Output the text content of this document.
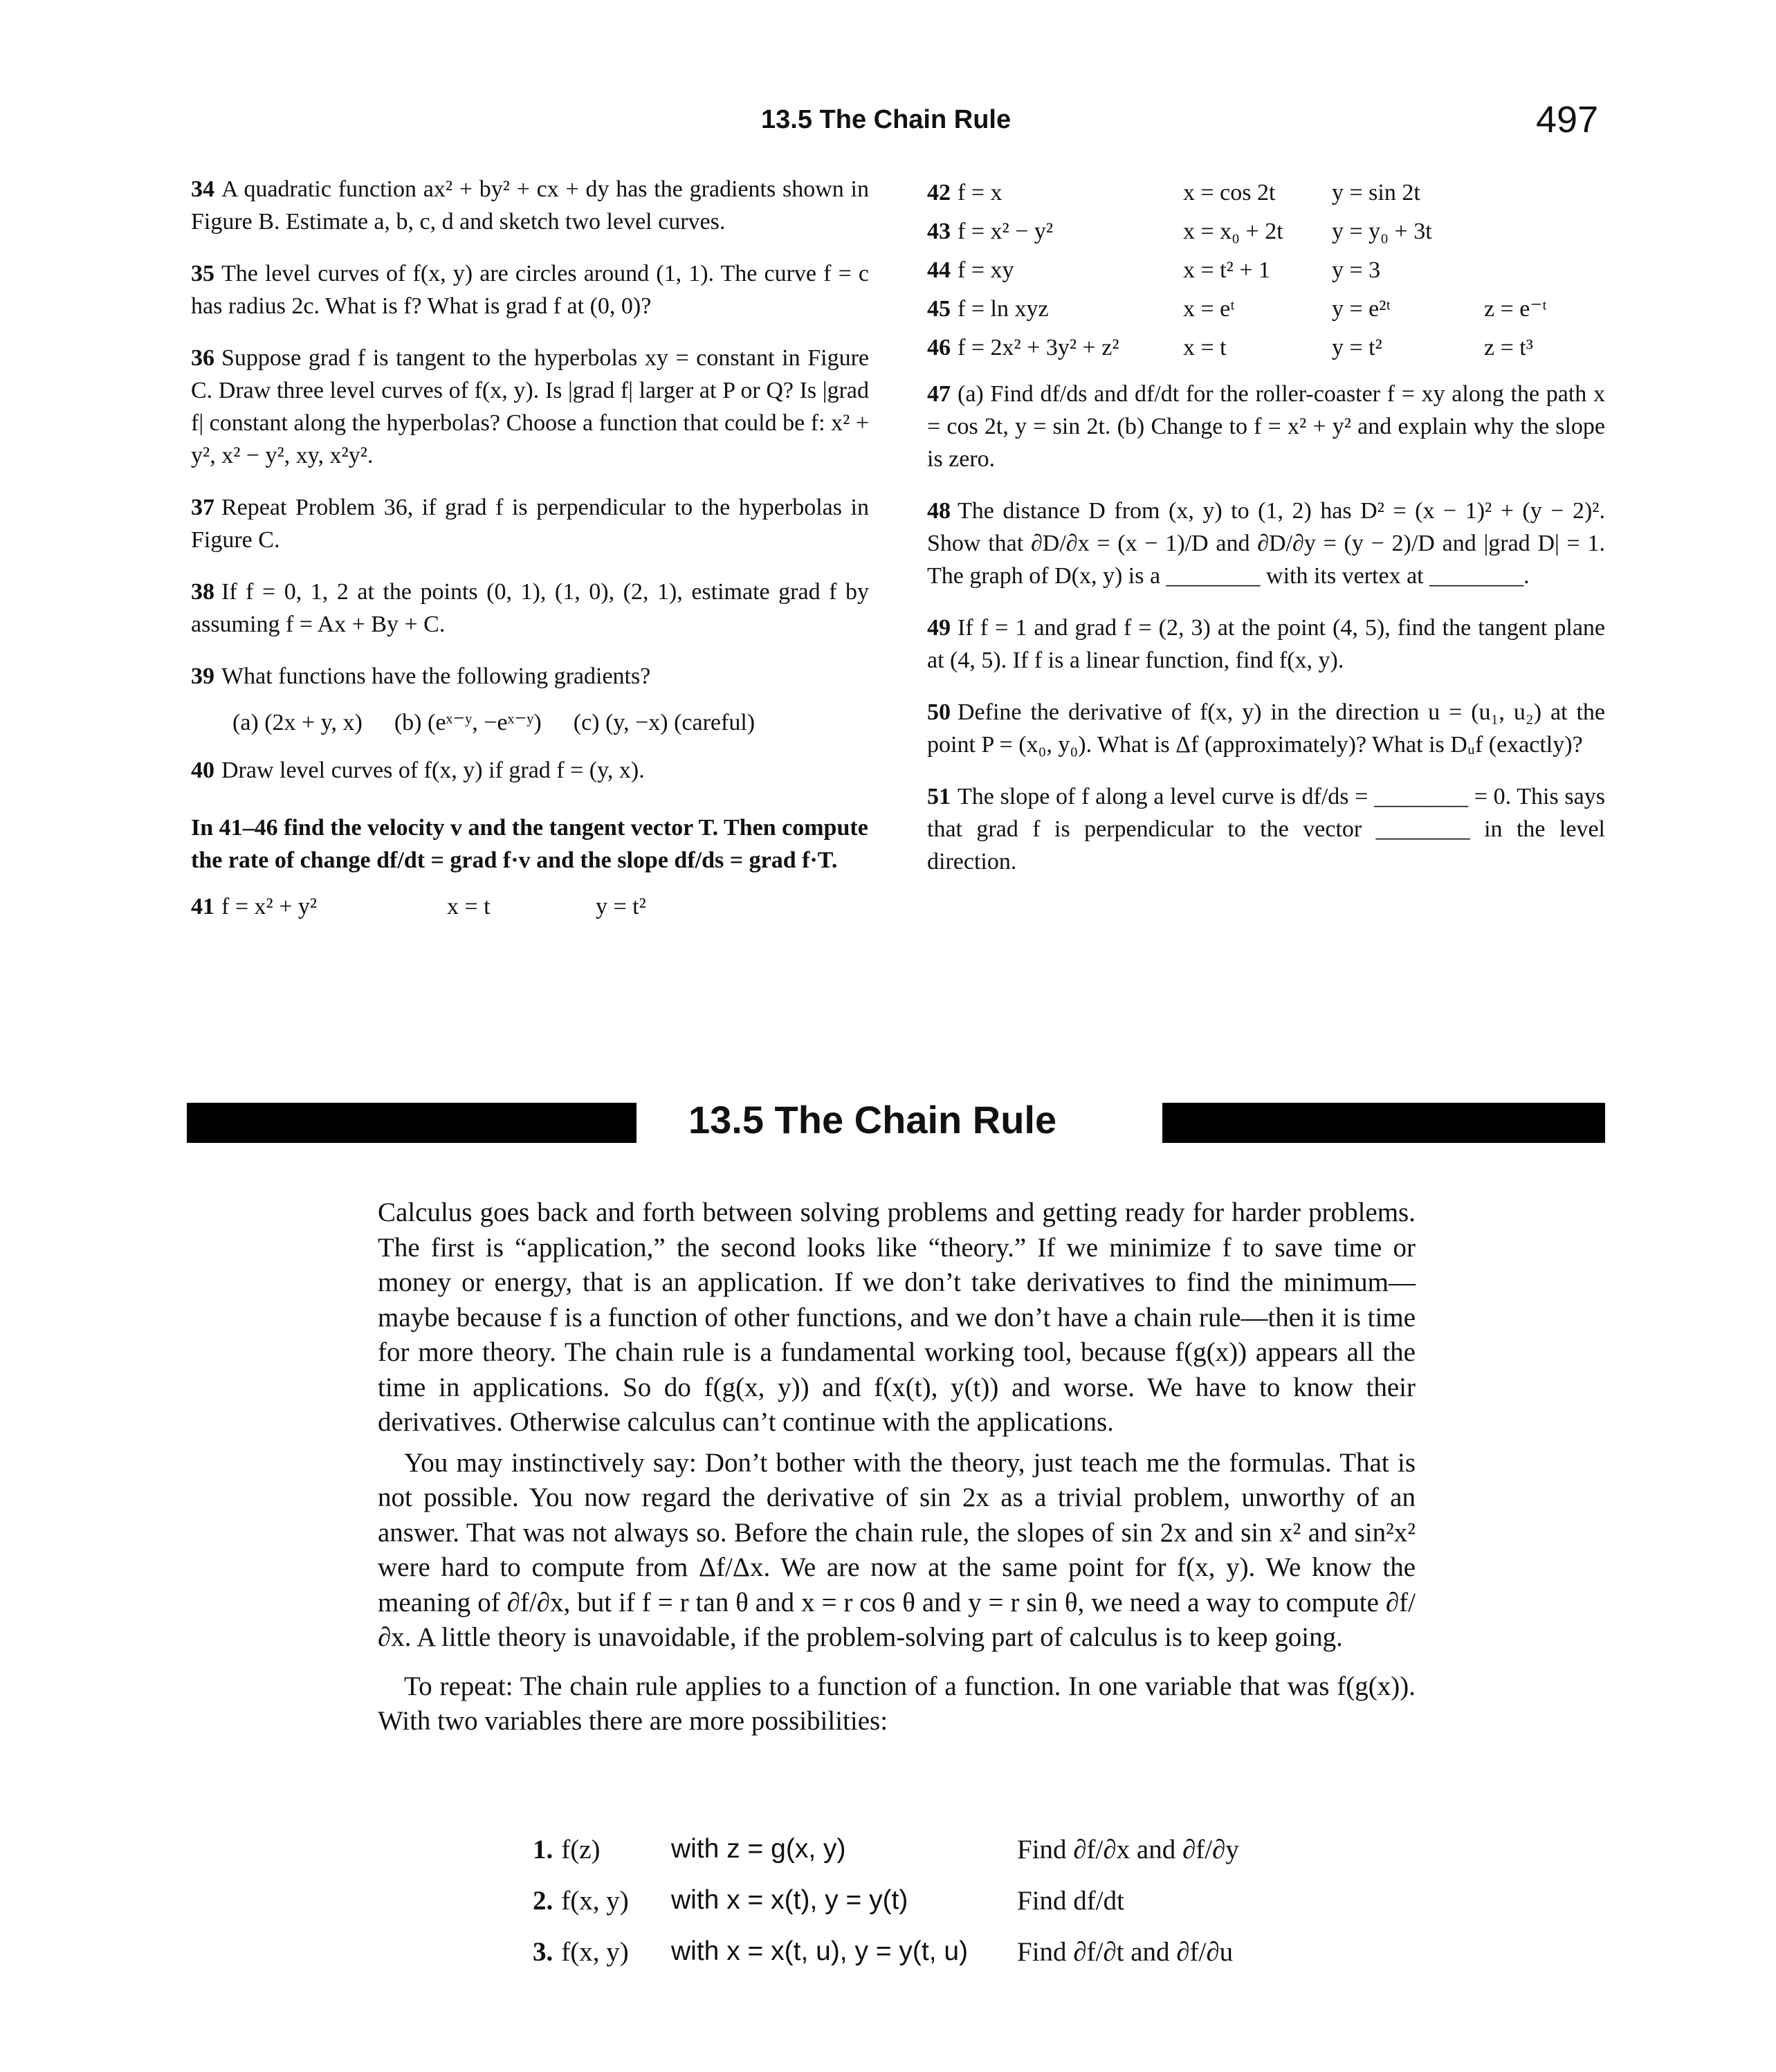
13.5 The Chain Rule	497

34 A quadratic function ax² + by² + cx + dy has the gradients shown in Figure B. Estimate a, b, c, d and sketch two level curves.

35 The level curves of f(x, y) are circles around (1, 1). The curve f = c has radius 2c. What is f? What is grad f at (0, 0)?

36 Suppose grad f is tangent to the hyperbolas xy = constant in Figure C. Draw three level curves of f(x, y). Is |grad f| larger at P or Q? Is |grad f| constant along the hyperbolas? Choose a function that could be f: x² + y², x² − y², xy, x²y².

37 Repeat Problem 36, if grad f is perpendicular to the hyperbolas in Figure C.

38 If f = 0, 1, 2 at the points (0, 1), (1, 0), (2, 1), estimate grad f by assuming f = Ax + By + C.

39 What functions have the following gradients?

(a) (2x + y, x) (b) (eˣ⁻ʸ, −eˣ⁻ʸ) (c) (y, −x) (careful)

40 Draw level curves of f(x, y) if grad f = (y, x).

In 41–46 find the velocity v and the tangent vector T. Then compute the rate of change df/dt = grad f·v and the slope df/ds = grad f·T.

41 f = x² + y²	x = t	y = t²
42 f = x	x = cos 2t	y = sin 2t
43 f = x² − y²	x = x₀ + 2t	y = y₀ + 3t
44 f = xy	x = t² + 1	y = 3
45 f = ln xyz	x = eᵗ	y = e²ᵗ	z = e⁻ᵗ
46 f = 2x² + 3y² + z²	x = t	y = t²	z = t³

47 (a) Find df/ds and df/dt for the roller-coaster f = xy along the path x = cos 2t, y = sin 2t. (b) Change to f = x² + y² and explain why the slope is zero.

48 The distance D from (x, y) to (1, 2) has D² = (x − 1)² + (y − 2)². Show that ∂D/∂x = (x − 1)/D and ∂D/∂y = (y − 2)/D and |grad D| = 1. The graph of D(x, y) is a ________ with its vertex at ________.

49 If f = 1 and grad f = (2, 3) at the point (4, 5), find the tangent plane at (4, 5). If f is a linear function, find f(x, y).

50 Define the derivative of f(x, y) in the direction u = (u₁, u₂) at the point P = (x₀, y₀). What is Δf (approximately)? What is Dᵤf (exactly)?

51 The slope of f along a level curve is df/ds = ________ = 0. This says that grad f is perpendicular to the vector ________ in the level direction.

13.5 The Chain Rule

Calculus goes back and forth between solving problems and getting ready for harder problems. The first is “application,” the second looks like “theory.” If we minimize f to save time or money or energy, that is an application. If we don’t take derivatives to find the minimum—maybe because f is a function of other functions, and we don’t have a chain rule—then it is time for more theory. The chain rule is a fundamental working tool, because f(g(x)) appears all the time in applications. So do f(g(x, y)) and f(x(t), y(t)) and worse. We have to know their derivatives. Otherwise calculus can’t continue with the applications.

You may instinctively say: Don’t bother with the theory, just teach me the formulas. That is not possible. You now regard the derivative of sin 2x as a trivial problem, unworthy of an answer. That was not always so. Before the chain rule, the slopes of sin 2x and sin x² and sin²x² were hard to compute from Δf/Δx. We are now at the same point for f(x, y). We know the meaning of ∂f/∂x, but if f = r tan θ and x = r cos θ and y = r sin θ, we need a way to compute ∂f/∂x. A little theory is unavoidable, if the problem-solving part of calculus is to keep going.

To repeat: The chain rule applies to a function of a function. In one variable that was f(g(x)). With two variables there are more possibilities:

1. f(z)	with z = g(x, y)	Find ∂f/∂x and ∂f/∂y
2. f(x, y)	with x = x(t), y = y(t)	Find df/dt
3. f(x, y)	with x = x(t, u), y = y(t, u)	Find ∂f/∂t and ∂f/∂u
